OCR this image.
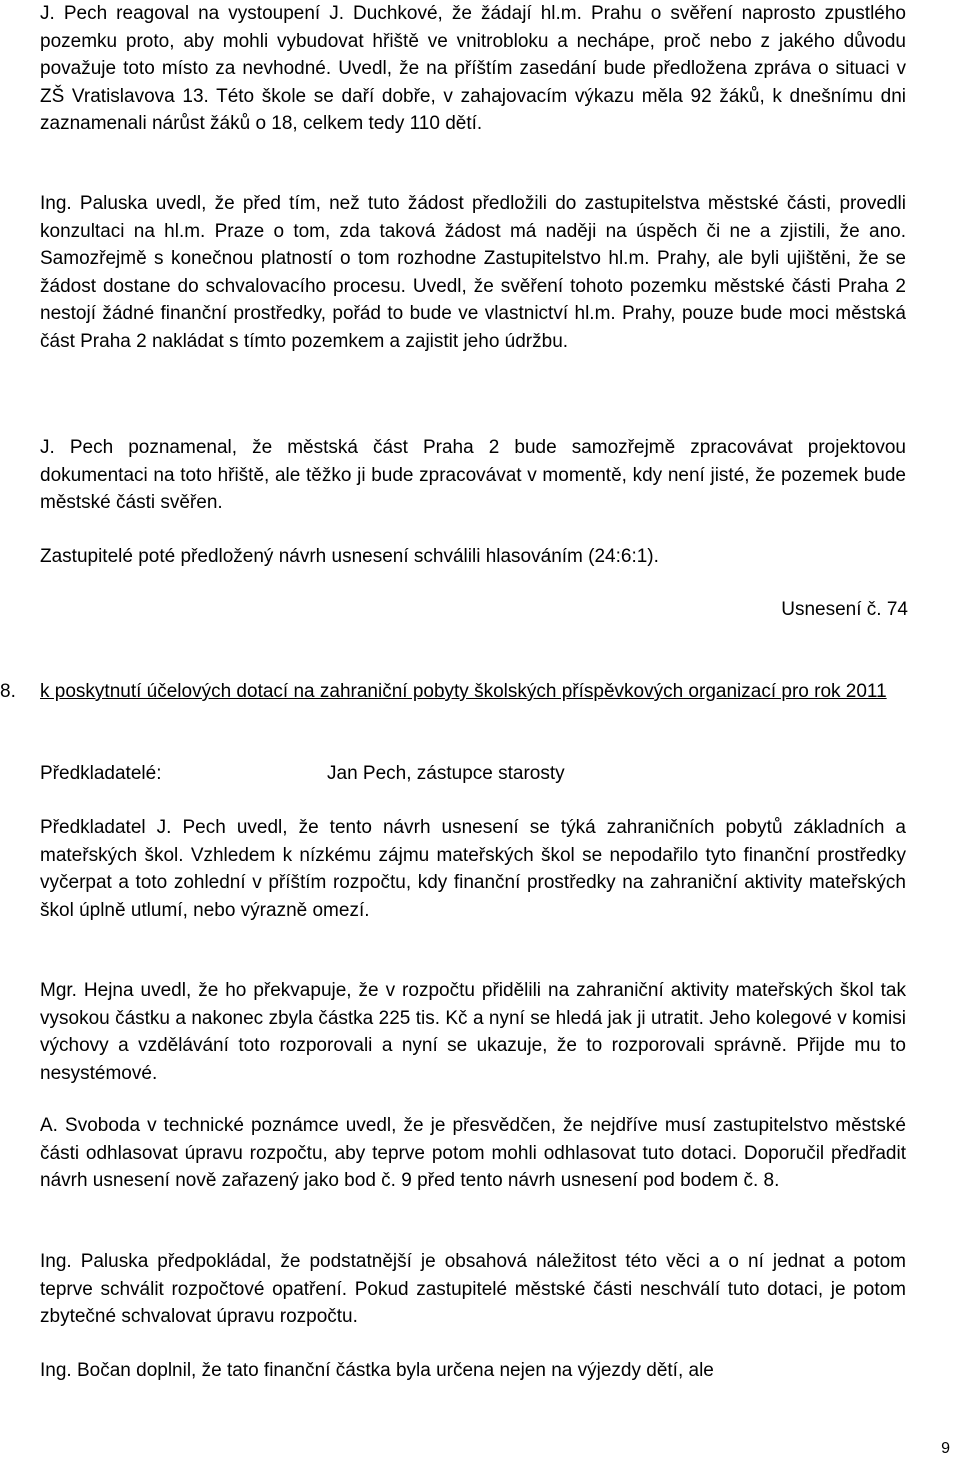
J. Pech reagoval na vystoupení J. Duchkové, že žádají hl.m. Prahu o svěření naprosto zpustlého pozemku proto, aby mohli vybudovat hřiště ve vnitrobloku a nechápe, proč nebo z jakého důvodu považuje toto místo za nevhodné. Uvedl, že na příštím zasedání bude předložena zpráva o situaci v ZŠ Vratislavova 13. Této škole se daří dobře, v zahajovacím výkazu měla 92 žáků, k dnešnímu dni zaznamenali nárůst žáků o 18, celkem tedy 110 dětí.

Ing. Paluska uvedl, že před tím, než tuto žádost předložili do zastupitelstva městské části, provedli konzultaci na hl.m. Praze o tom, zda taková žádost má naději na úspěch či ne a zjistili, že ano. Samozřejmě s konečnou platností o tom rozhodne Zastupitelstvo hl.m. Prahy, ale byli ujištěni, že se žádost dostane do schvalovacího procesu. Uvedl, že svěření tohoto pozemku městské části Praha 2 nestojí žádné finanční prostředky, pořád to bude ve vlastnictví hl.m. Prahy, pouze bude moci městská část Praha 2 nakládat s tímto pozemkem a zajistit jeho údržbu.

J. Pech poznamenal, že městská část Praha 2 bude samozřejmě zpracovávat projektovou dokumentaci na toto hřiště, ale těžko ji bude zpracovávat v momentě, kdy není jisté, že pozemek bude městské části svěřen.

Zastupitelé poté předložený návrh usnesení schválili hlasováním (24:6:1).

Usnesení č. 74

8. k poskytnutí účelových dotací na zahraniční pobyty školských příspěvkových organizací pro rok 2011

Předkladatelé:	Jan Pech, zástupce starosty

Předkladatel J. Pech uvedl, že tento návrh usnesení se týká zahraničních pobytů základních a mateřských škol. Vzhledem k nízkému zájmu mateřských škol se nepodařilo tyto finanční prostředky vyčerpat a toto zohlední v příštím rozpočtu, kdy finanční prostředky na zahraniční aktivity mateřských škol úplně utlumí, nebo výrazně omezí.

Mgr. Hejna uvedl, že ho překvapuje, že v rozpočtu přidělili na zahraniční aktivity mateřských škol tak vysokou částku a nakonec zbyla částka 225 tis. Kč a nyní se hledá jak ji utratit. Jeho kolegové v komisi výchovy a vzdělávání toto rozporovali a nyní se ukazuje, že to rozporovali správně. Přijde mu to nesystémové.

A. Svoboda v technické poznámce uvedl, že je přesvědčen, že nejdříve musí zastupitelstvo městské části odhlasovat úpravu rozpočtu, aby teprve potom mohli odhlasovat tuto dotaci. Doporučil předřadit návrh usnesení nově zařazený jako bod č. 9 před tento návrh usnesení pod bodem č. 8.

Ing. Paluska předpokládal, že podstatnější je obsahová náležitost této věci a o ní jednat a potom teprve schválit rozpočtové opatření. Pokud zastupitelé městské části neschválí tuto dotaci, je potom zbytečné schvalovat úpravu rozpočtu.

Ing. Bočan doplnil, že tato finanční částka byla určena nejen na výjezdy dětí, ale

9
